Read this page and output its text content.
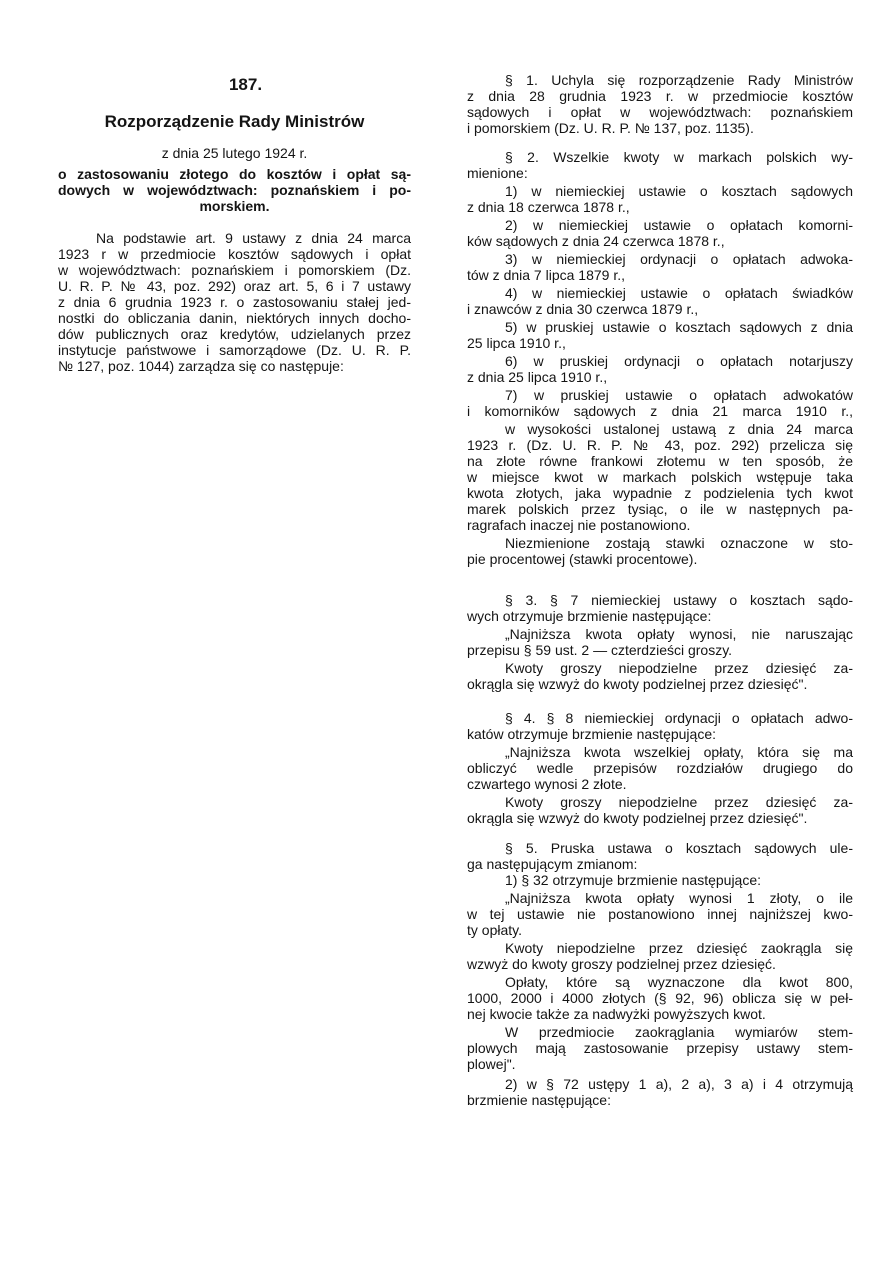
187.
Rozporządzenie Rady Ministrów
z dnia 25 lutego 1924 r.
o zastosowaniu złotego do kosztów i opłat są-
dowych w województwach: poznańskiem i po-
morskiem.
Na podstawie art. 9 ustawy z dnia 24 marca
1923 r w przedmiocie kosztów sądowych i opłat
w województwach: poznańskiem i pomorskiem (Dz.
U. R. P. № 43, poz. 292) oraz art. 5, 6 i 7 ustawy
z dnia 6 grudnia 1923 r. o zastosowaniu stałej jed-
nostki do obliczania danin, niektórych innych docho-
dów publicznych oraz kredytów, udzielanych przez
instytucje państwowe i samorządowe (Dz. U. R. P.
№ 127, poz. 1044) zarządza się co następuje:
§ 1. Uchyla się rozporządzenie Rady Ministrów
z dnia 28 grudnia 1923 r. w przedmiocie kosztów
sądowych i opłat w województwach: poznańskiem
i pomorskiem (Dz. U. R. P. № 137, poz. 1135).
§ 2. Wszelkie kwoty w markach polskich wy-
mienione:
1) w niemieckiej ustawie o kosztach sądowych
z dnia 18 czerwca 1878 r.,
2) w niemieckiej ustawie o opłatach komorni-
ków sądowych z dnia 24 czerwca 1878 r.,
3) w niemieckiej ordynacji o opłatach adwoka-
tów z dnia 7 lipca 1879 r.,
4) w niemieckiej ustawie o opłatach świadków
i znawców z dnia 30 czerwca 1879 r.,
5) w pruskiej ustawie o kosztach sądowych z dnia
25 lipca 1910 r.,
6) w pruskiej ordynacji o opłatach notarjuszy
z dnia 25 lipca 1910 r.,
7) w pruskiej ustawie o opłatach adwokatów
i komorników sądowych z dnia 21 marca 1910 r.,
w wysokości ustalonej ustawą z dnia 24 marca
1923 r. (Dz. U. R. P. № 43, poz. 292) przelicza się
na złote równe frankowi złotemu w ten sposób, że
w miejsce kwot w markach polskich wstępuje taka
kwota złotych, jaka wypadnie z podzielenia tych kwot
marek polskich przez tysiąc, o ile w następnych pa-
ragrafach inaczej nie postanowiono.
Niezmienione zostają stawki oznaczone w sto-
pie procentowej (stawki procentowe).
§ 3. § 7 niemieckiej ustawy o kosztach sądo-
wych otrzymuje brzmienie następujące:
„Najniższa kwota opłaty wynosi, nie naruszając
przepisu § 59 ust. 2 — czterdzieści groszy.
Kwoty groszy niepodzielne przez dziesięć za-
okrągla się wzwyż do kwoty podzielnej przez dziesięć".
§ 4. § 8 niemieckiej ordynacji o opłatach adwo-
katów otrzymuje brzmienie następujące:
„Najniższa kwota wszelkiej opłaty, która się ma
obliczyć wedle przepisów rozdziałów drugiego do
czwartego wynosi 2 złote.
Kwoty groszy niepodzielne przez dziesięć za-
okrągla się wzwyż do kwoty podzielnej przez dziesięć".
§ 5. Pruska ustawa o kosztach sądowych ule-
ga następującym zmianom:
1) § 32 otrzymuje brzmienie następujące:
„Najniższa kwota opłaty wynosi 1 złoty, o ile
w tej ustawie nie postanowiono innej najniższej kwo-
ty opłaty.
Kwoty niepodzielne przez dziesięć zaokrągla się
wzwyż do kwoty groszy podzielnej przez dziesięć.
Opłaty, które są wyznaczone dla kwot 800,
1000, 2000 i 4000 złotych (§ 92, 96) oblicza się w peł-
nej kwocie także za nadwyżki powyższych kwot.
W przedmiocie zaokrąglania wymiarów stem-
plowych mają zastosowanie przepisy ustawy stem-
plowej".
2) w § 72 ustępy 1 a), 2 a), 3 a) i 4 otrzymują
brzmienie następujące:
